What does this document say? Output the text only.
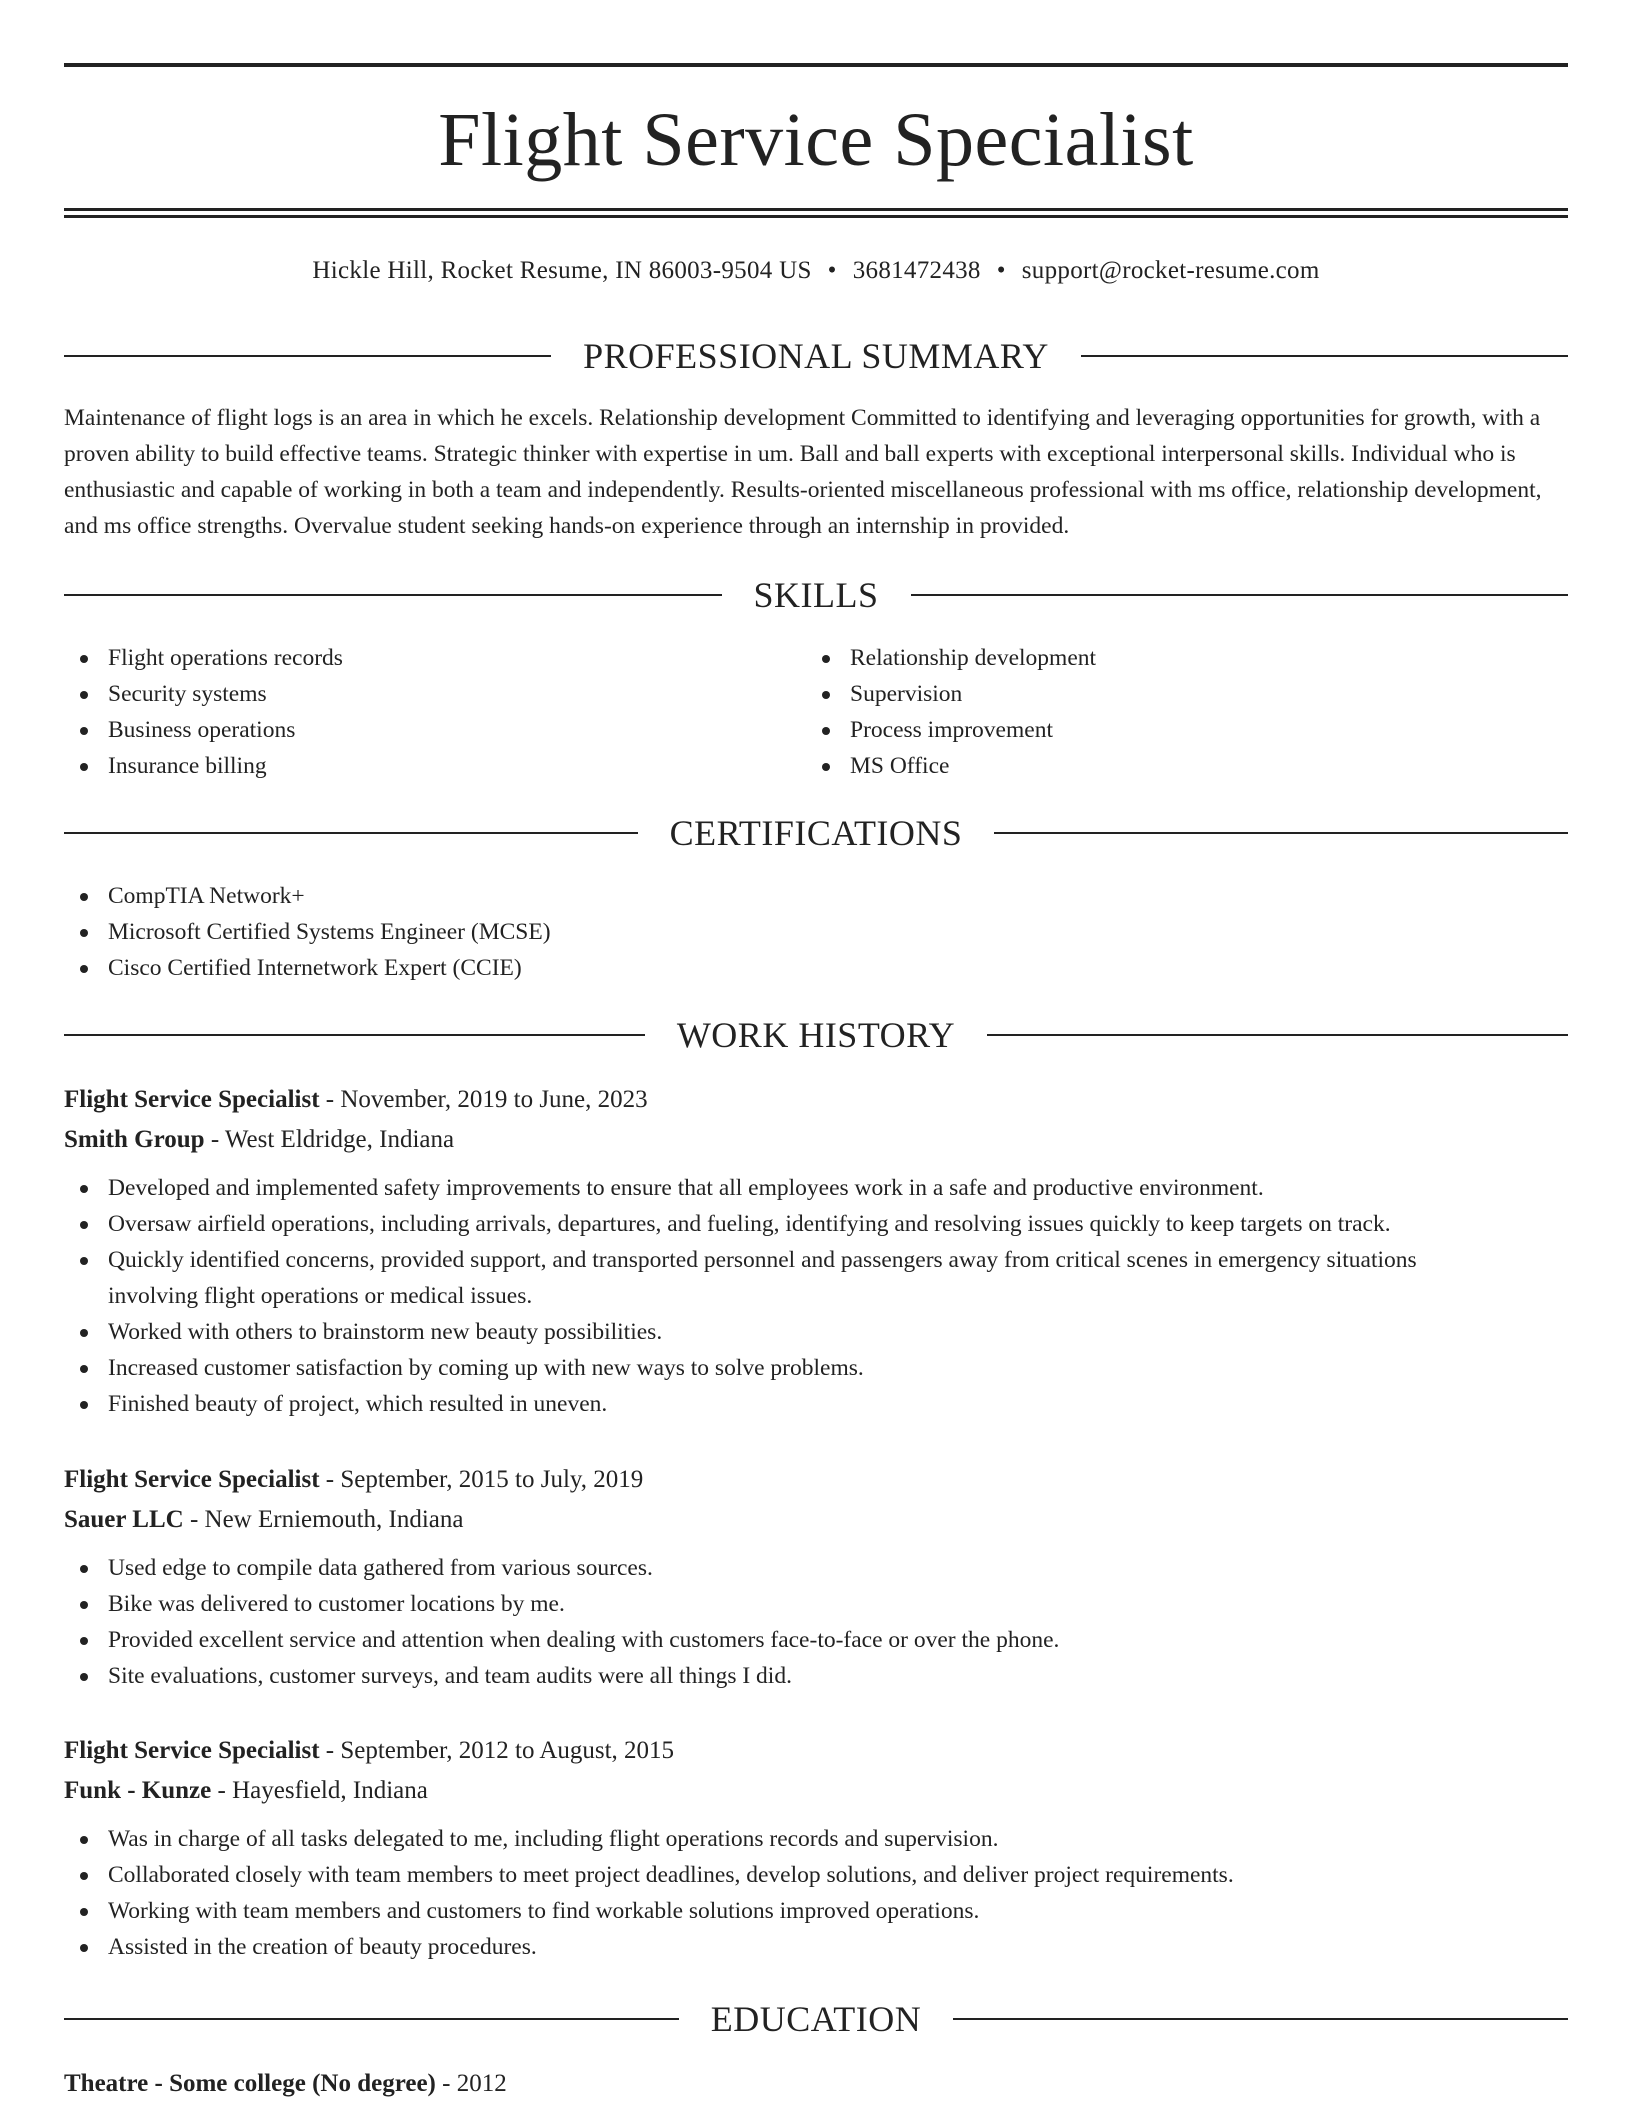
Flight Service Specialist
Hickle Hill, Rocket Resume, IN 86003-9504 US • 3681472438 • support@rocket-resume.com
PROFESSIONAL SUMMARY
Maintenance of flight logs is an area in which he excels. Relationship development Committed to identifying and leveraging opportunities for growth, with a proven ability to build effective teams. Strategic thinker with expertise in um. Ball and ball experts with exceptional interpersonal skills. Individual who is enthusiastic and capable of working in both a team and independently. Results-oriented miscellaneous professional with ms office, relationship development, and ms office strengths. Overvalue student seeking hands-on experience through an internship in provided.
SKILLS
Flight operations records
Security systems
Business operations
Insurance billing
Relationship development
Supervision
Process improvement
MS Office
CERTIFICATIONS
CompTIA Network+
Microsoft Certified Systems Engineer (MCSE)
Cisco Certified Internetwork Expert (CCIE)
WORK HISTORY
Flight Service Specialist - November, 2019 to June, 2023
Smith Group - West Eldridge, Indiana
Developed and implemented safety improvements to ensure that all employees work in a safe and productive environment.
Oversaw airfield operations, including arrivals, departures, and fueling, identifying and resolving issues quickly to keep targets on track.
Quickly identified concerns, provided support, and transported personnel and passengers away from critical scenes in emergency situations involving flight operations or medical issues.
Worked with others to brainstorm new beauty possibilities.
Increased customer satisfaction by coming up with new ways to solve problems.
Finished beauty of project, which resulted in uneven.
Flight Service Specialist - September, 2015 to July, 2019
Sauer LLC - New Erniemouth, Indiana
Used edge to compile data gathered from various sources.
Bike was delivered to customer locations by me.
Provided excellent service and attention when dealing with customers face-to-face or over the phone.
Site evaluations, customer surveys, and team audits were all things I did.
Flight Service Specialist - September, 2012 to August, 2015
Funk - Kunze - Hayesfield, Indiana
Was in charge of all tasks delegated to me, including flight operations records and supervision.
Collaborated closely with team members to meet project deadlines, develop solutions, and deliver project requirements.
Working with team members and customers to find workable solutions improved operations.
Assisted in the creation of beauty procedures.
EDUCATION
Theatre - Some college (No degree) - 2012
